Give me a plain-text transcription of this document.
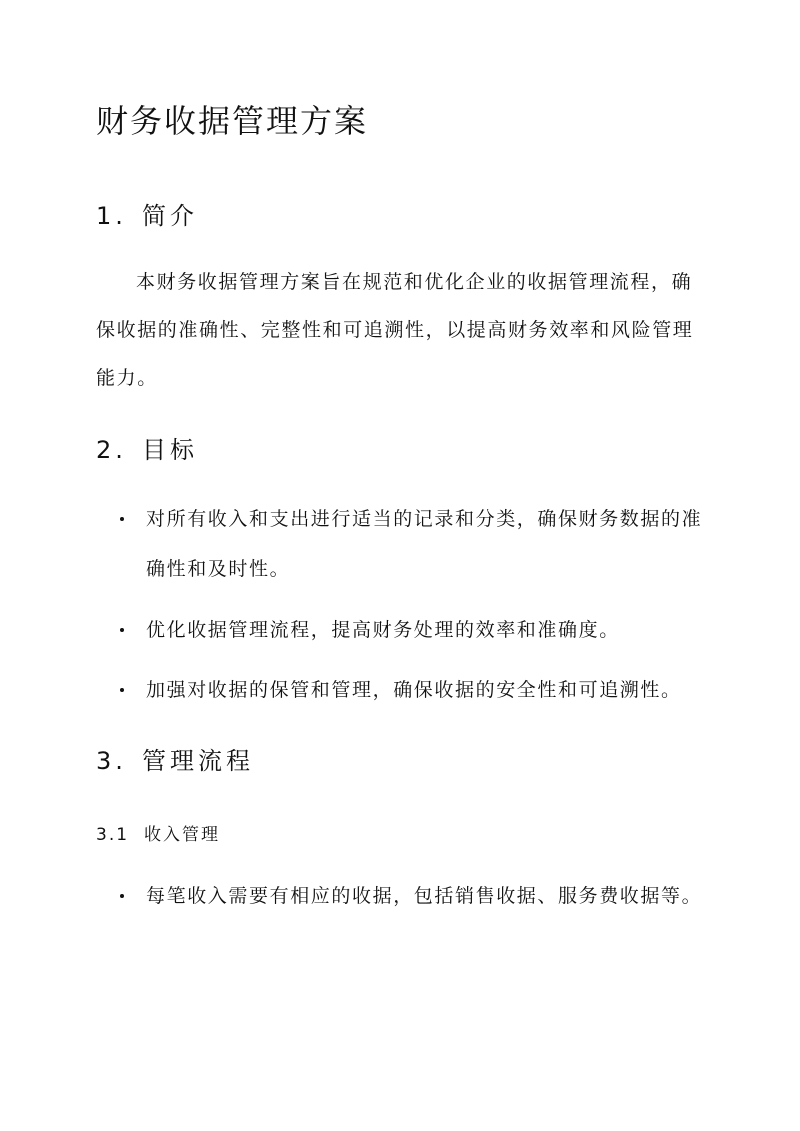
财务收据管理方案
1. 简介

本财务收据管理方案旨在规范和优化企业的收据管理流程，确保收据的准确性、完整性和可追溯性，以提高财务效率和风险管理能力。

2. 目标
对所有收入和支出进行适当的记录和分类，确保财务数据的准确性和及时性。
优化收据管理流程，提高财务处理的效率和准确度。
加强对收据的保管和管理，确保收据的安全性和可追溯性。
3. 管理流程
3.1 收入管理
每笔收入需要有相应的收据，包括销售收据、服务费收据等。
